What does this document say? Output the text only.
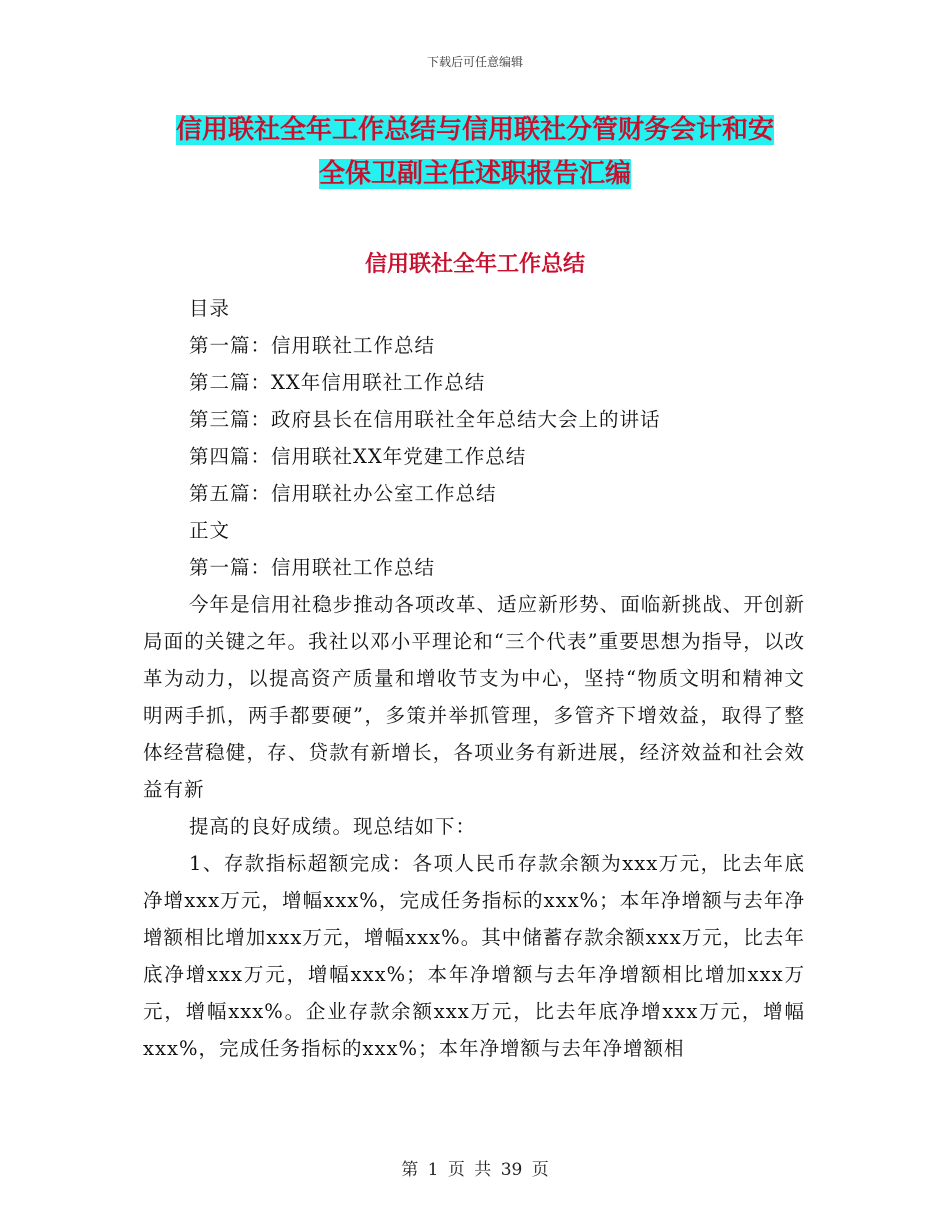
下载后可任意编辑
信用联社全年工作总结与信用联社分管财务会计和安
全保卫副主任述职报告汇编
信用联社全年工作总结

目录

第一篇：信用联社工作总结

第二篇：XX年信用联社工作总结

第三篇：政府县长在信用联社全年总结大会上的讲话

第四篇：信用联社XX年党建工作总结

第五篇：信用联社办公室工作总结

正文

第一篇：信用联社工作总结

今年是信用社稳步推动各项改革、适应新形势、面临新挑战、开创新局面的关键之年。我社以邓小平理论和“三个代表”重要思想为指导，以改革为动力，以提高资产质量和增收节支为中心，坚持“物质文明和精神文明两手抓，两手都要硬”，多策并举抓管理，多管齐下增效益，取得了整体经营稳健，存、贷款有新增长，各项业务有新进展，经济效益和社会效益有新

提高的良好成绩。现总结如下：

1、存款指标超额完成：各项人民币存款余额为xxx万元，比去年底净增xxx万元，增幅xxx%，完成任务指标的xxx%；本年净增额与去年净增额相比增加xxx万元，增幅xxx%。其中储蓄存款余额xxx万元，比去年底净增xxx万元，增幅xxx%；本年净增额与去年净增额相比增加xxx万元，增幅xxx%。企业存款余额xxx万元，比去年底净增xxx万元，增幅xxx%，完成任务指标的xxx%；本年净增额与去年净增额相

第 1 页 共 39 页
